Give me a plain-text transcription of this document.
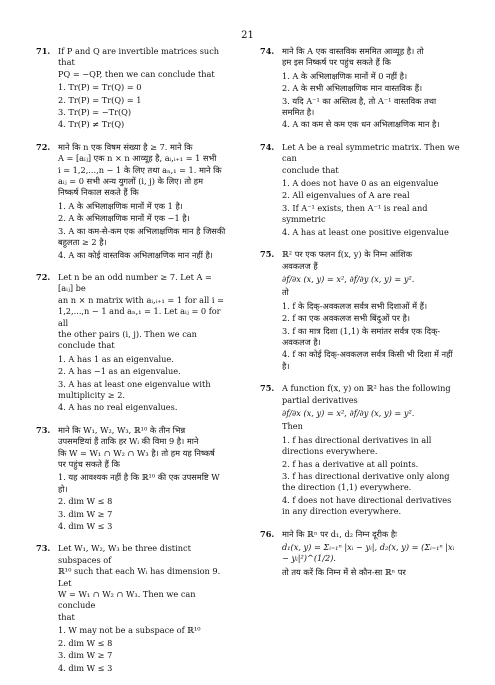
21
71. If P and Q are invertible matrices such that
PQ = −QP, then we can conclude that
1. Tr(P) = Tr(Q) = 0
2. Tr(P) = Tr(Q) = 1
3. Tr(P) = −Tr(Q)
4. Tr(P) ≠ Tr(Q)
72. माने कि n एक विषम संख्या है ≥ 7. माने कि
A = [aᵢⱼ] एक n × n आव्यूह है, aᵢ,ᵢ₊₁ = 1 सभी
i = 1,2,...,n − 1 के लिए तथा aₙ,₁ = 1. माने कि
aᵢⱼ = 0 सभी अन्य युगलों (i, j) के लिए। तो हम
निष्कर्ष निकाल सकते हैं कि
1. A के अभिलाक्षणिक मानों में एक 1 है।
2. A के अभिलाक्षणिक मानों में एक −1 है।
3. A का कम-से-कम एक अभिलाक्षणिक मान है जिसकी बहुलता ≥ 2 है।
4. A का कोई वास्तविक अभिलाक्षणिक मान नहीं है।
72. Let n be an odd number ≥ 7. Let A = [aᵢⱼ] be
an n × n matrix with aᵢ,ᵢ₊₁ = 1 for all i =
1,2,...,n − 1 and aₙ,₁ = 1. Let aᵢⱼ = 0 for all
the other pairs (i, j). Then we can conclude that
1. A has 1 as an eigenvalue.
2. A has −1 as an eigenvalue.
3. A has at least one eigenvalue with multiplicity ≥ 2.
4. A has no real eigenvalues.
73. माने कि W₁, W₂, W₃, ℝ¹⁰ के तीन भिन्न
उपसमष्टियां हैं ताकि हर Wᵢ की विमा 9 है। माने
कि W = W₁ ∩ W₂ ∩ W₃ है। तो हम यह निष्कर्ष
पर पहुंच सकते हैं कि
1. यह आवश्यक नहीं है कि ℝ¹⁰ की एक उपसमष्टि W हो।
2. dim W ≤ 8
3. dim W ≥ 7
4. dim W ≤ 3
73. Let W₁, W₂, W₃ be three distinct subspaces of
ℝ¹⁰ such that each Wᵢ has dimension 9. Let
W = W₁ ∩ W₂ ∩ W₃. Then we can conclude
that
1. W may not be a subspace of ℝ¹⁰
2. dim W ≤ 8
3. dim W ≥ 7
4. dim W ≤ 3
74. माने कि A एक वास्तविक सममित आव्यूह है। तो
हम इस निष्कर्ष पर पहुंच सकते हैं कि
1. A के अभिलाक्षणिक मानों में 0 नहीं है।
2. A के सभी अभिलाक्षणिक मान वास्तविक हैं।
3. यदि A⁻¹ का अस्तित्व है, तो A⁻¹ वास्तविक तथा सममित है।
4. A का कम से कम एक धन अभिलाक्षणिक मान है।
74. Let A be a real symmetric matrix. Then we can
conclude that
1. A does not have 0 as an eigenvalue
2. All eigenvalues of A are real
3. If A⁻¹ exists, then A⁻¹ is real and symmetric
4. A has at least one positive eigenvalue
75. ℝ² पर एक फलन f(x, y) के निम्न आंशिक
अवकलज हैं
∂f/∂x (x, y) = x², ∂f/∂y (x, y) = y².
तो
1. f के दिक्-अवकलज सर्वत्र सभी दिशाओं में हैं।
2. f का एक अवकलज सभी बिंदुओं पर है।
3. f का मात्र दिशा (1,1) के समांतर सर्वत्र एक दिक्-अवकलज है।
4. f का कोई दिक्-अवकलज सर्वत्र किसी भी दिशा में नहीं है।
75. A function f(x, y) on ℝ² has the following
partial derivatives
∂f/∂x (x, y) = x², ∂f/∂y (x, y) = y².
Then
1. f has directional derivatives in all directions everywhere.
2. f has a derivative at all points.
3. f has directional derivative only along the direction (1,1) everywhere.
4. f does not have directional derivatives in any direction everywhere.
76. माने कि ℝⁿ पर d₁, d₂ निम्न दूरीक हैः
d₁(x, y) = Σᵢ₌₁ⁿ |xᵢ − yᵢ|, d₂(x, y) = (Σᵢ₌₁ⁿ |xᵢ − yᵢ|²)^(1/2).
तो तय करें कि निम्न में से कौन-सा ℝⁿ पर
